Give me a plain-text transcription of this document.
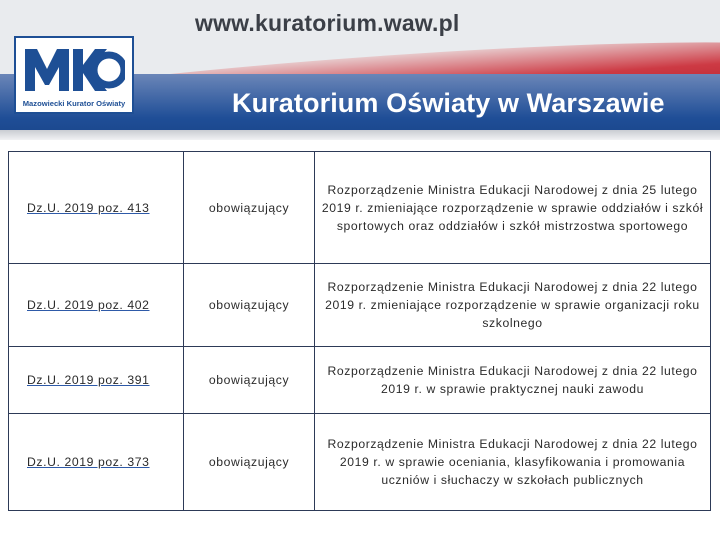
www.kuratorium.waw.pl
Mazowiecki Kurator Oświaty	Kuratorium Oświaty w Warszawie
Dz.U. 2019 poz. 413	obowiązujący	Rozporządzenie Ministra Edukacji Narodowej z dnia 25 lutego 2019 r. zmieniające rozporządzenie w sprawie oddziałów i szkół sportowych oraz oddziałów i szkół mistrzostwa sportowego
Dz.U. 2019 poz. 402	obowiązujący	Rozporządzenie Ministra Edukacji Narodowej z dnia 22 lutego 2019 r. zmieniające rozporządzenie w sprawie organizacji roku szkolnego
Dz.U. 2019 poz. 391	obowiązujący	Rozporządzenie Ministra Edukacji Narodowej z dnia 22 lutego 2019 r. w sprawie praktycznej nauki zawodu
Dz.U. 2019 poz. 373	obowiązujący	Rozporządzenie Ministra Edukacji Narodowej z dnia 22 lutego 2019 r. w sprawie oceniania, klasyfikowania i promowania uczniów i słuchaczy w szkołach publicznych
